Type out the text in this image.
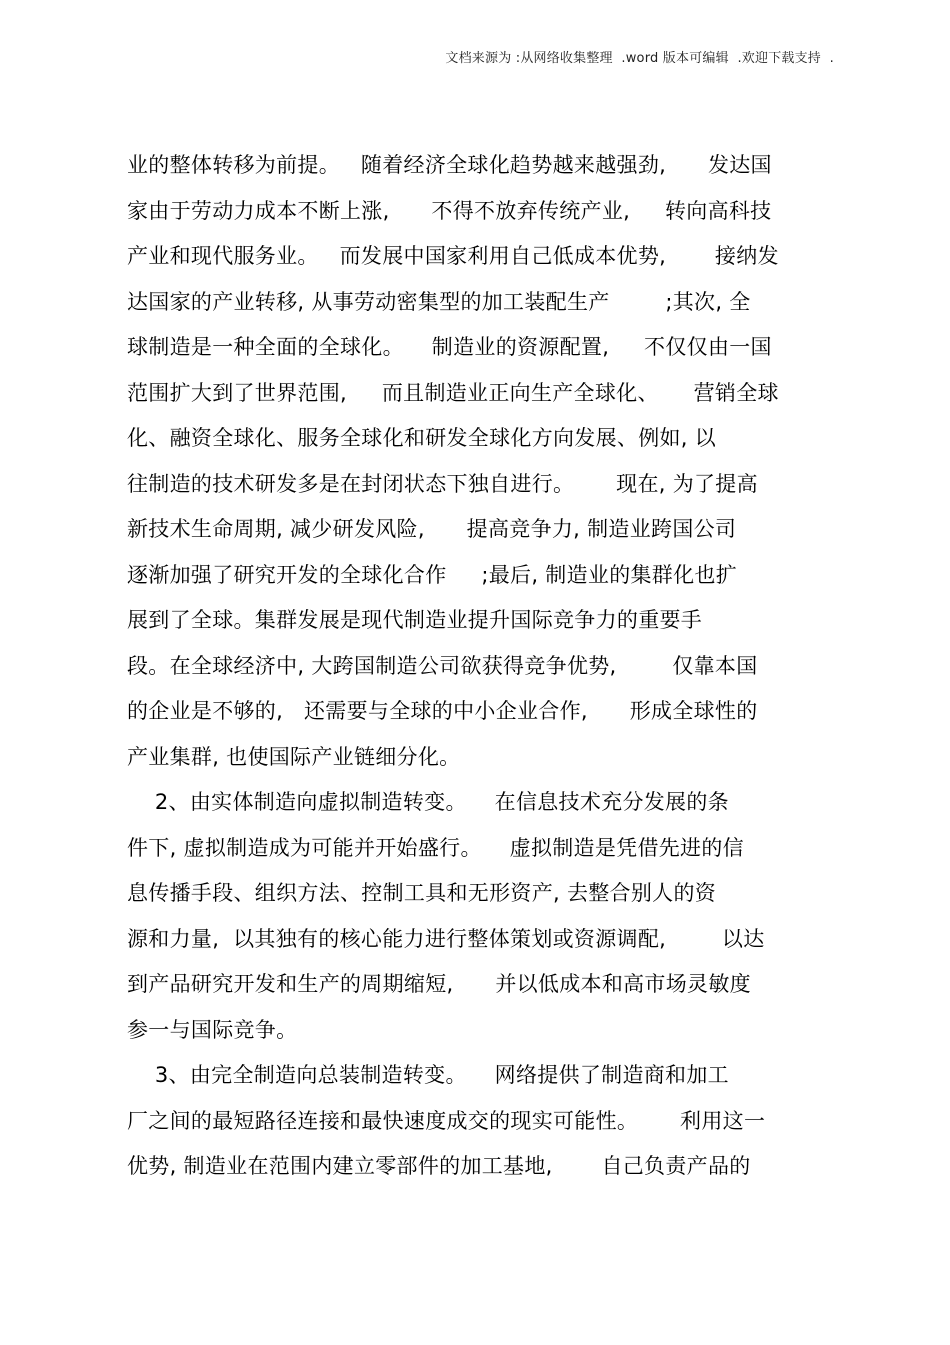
文档来源为 :从网络收集整理  .word 版本可编辑  .欢迎下载支持  .
业的整体转移为前提。   随着经济全球化趋势越来越强劲,      发达国
家由于劳动力成本不断上涨,      不得不放弃传统产业,     转向高科技
产业和现代服务业。   而发展中国家利用自己低成本优势,       接纳发
达国家的产业转移, 从事劳动密集型的加工装配生产        ;其次, 全
球制造是一种全面的全球化。    制造业的资源配置,     不仅仅由一国
范围扩大到了世界范围,     而且制造业正向生产全球化、     营销全球
化、融资全球化、服务全球化和研发全球化方向发展、例如, 以
往制造的技术研发多是在封闭状态下独自进行。      现在, 为了提高
新技术生命周期, 减少研发风险,      提高竞争力, 制造业跨国公司
逐渐加强了研究开发的全球化合作     ;最后, 制造业的集群化也扩
展到了全球。集群发展是现代制造业提升国际竞争力的重要手
段。在全球经济中, 大跨国制造公司欲获得竞争优势,        仅靠本国
的企业是不够的,   还需要与全球的中小企业合作,      形成全球性的
产业集群, 也使国际产业链细分化。
2、由实体制造向虚拟制造转变。    在信息技术充分发展的条
件下, 虚拟制造成为可能并开始盛行。    虚拟制造是凭借先进的信
息传播手段、组织方法、控制工具和无形资产, 去整合别人的资
源和力量,  以其独有的核心能力进行整体策划或资源调配,        以达
到产品研究开发和生产的周期缩短,      并以低成本和高市场灵敏度
参一与国际竞争。
3、由完全制造向总装制造转变。    网络提供了制造商和加工
厂之间的最短路径连接和最快速度成交的现实可能性。      利用这一
优势, 制造业在范围内建立零部件的加工基地,       自己负责产品的
